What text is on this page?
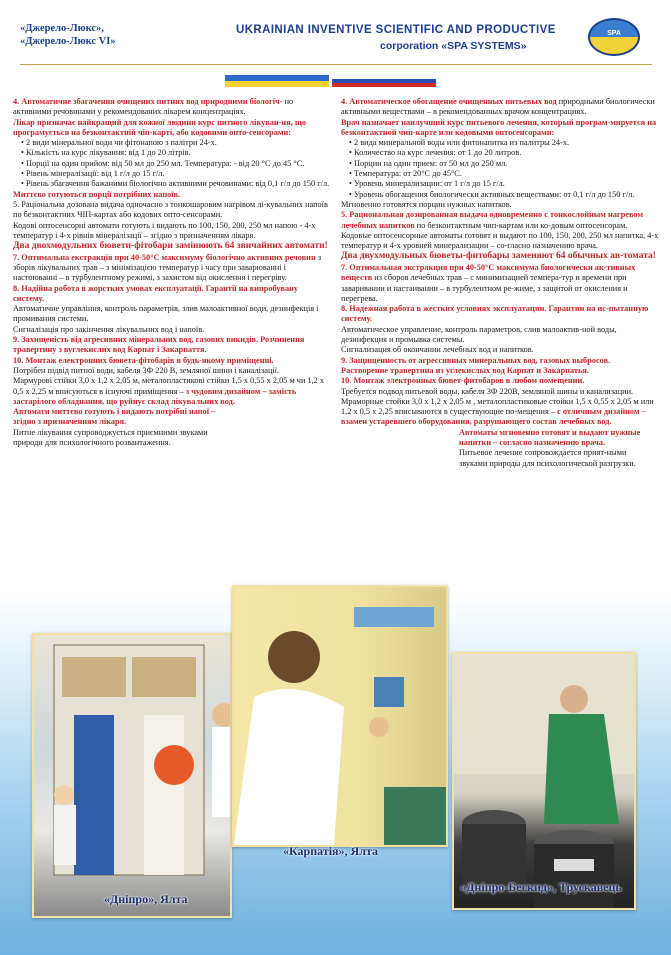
«Джерело-Люкс»,
«Джерело-Люкс VI»
UKRAINIAN INVENTIVE SCIENTIFIC AND PRODUCTIVE
corporation «SPA SYSTEMS»
SPA

4. Автоматичне збагачення очищених питних вод природними біологіч- но активними речовинами у рекомендованих лікарем концентраціях.

Лікар призначає найкращий для кожної людини курс питного лікуван-ня, що програмується на безконтактній чіп-карті, або кодовими опто-сенсорами:

• 2 види мінеральної води чи фітонапою з палітри 24-х.
• Кількість на курс лікування: від 1 до 20 літрів.
• Порції на один прийом: від 50 мл до 250 мл. Температура: - від 20 °С до 45 °С.
• Рівень мінералізації: від 1 г/л до 15 г/л.
• Рівень збагачення бажаними біологічно активними речовинами: від 0,1 г/л до 150 г/л.

Миттєво готуються порції потрібних напоїв.

5. Раціональна дозована видача одночасно з тонкошаровим нагрівом лі-кувальних напоїв по безконтактних ЧІП-картах або кодових опто-сенсорами.

Кодові оптосенсорні автомати готують і видають по 100, 150, 200, 250 мл напою - 4-х температур і 4-х рівнів мінералізації – згідно з призначенням лікаря.

Два двохмодульних бювети-фітобари замінюють 64 звичайних автомати!

7. Оптимальна екстракція при 40-50°С максимуму біологічно активних речовин з зборів лікувальних трав – з мінімізацією температур і часу при заварюванні і настоюванні – в турбулентному режимі, з захистом від окислення і перегріву.

8. Надійна робота в жорстких умовах експлуатації. Гарантії на випробувану систему.

Автоматичне управління, контроль параметрів, злив малоактивної води, дезинфекція і промивання системи.

Сигналізація про закінчення лікувальних вод і напоїв.

9. Захищеність від агресивних мінеральних вод, газових викидів. Розчинення травертину з вуглекислих вод Карпат і Закарпаття.

10. Монтаж електронних бювета-фітобарів в будь-якому приміщенні.

Потрібен підвід питної води, кабеля 3Ф 220 В, земляної шини і каналізації.

Мармурові стійки 3,0 х 1,2 х 2,05 м, металопластикові стійки 1,5 х 0,55 х 2,05 м чи 1,2 х 0,5 х 2,25 м вписуються в існуючі приміщення – з чудовим дизайном – замість застарілого обладнання, що руйнує склад лікувальних вод.

Автомати миттєво готують і видають потрібні напої – згідно з призначенням лікаря.

Питне лікування супроводжується приємними звуками природи для психологічного розвантаження.

4. Автоматическое обогащение очищенных питьевых вод природными биологически активными веществами – в рекомендованных врачом концентрациях.

Врач назначает наилучший курс питьевого лечения, который програм-мируется на безконтактной чип-карте или кодовыми оптосенсорами:

• 2 вида минеральной воды или фитонапитка из палитры 24-х.
• Количество на курс лечения: от 1 до 20 литров.
• Порции на один прием: от 50 мл до 250 мл.
• Температура: от 20°С до 45°С.
• Уровень минерализации: от 1 г/л до 15 г/л.
• Уровень обогащения биологически активных веществами: от 0,1 г/л до 150 г/л.

Мгновенно готовятся порции нужных напитков.

5. Рациональная дозированная выдача одновременно с тонкослойным нагревом лечебных напитков по безконтактным чип-картам или ко-довым оптосенсорам.

Кодовые оптосенсорные автоматы готовят и выдают по 100, 150, 200, 250 мл напитка, 4-х температур и 4-х уровней минерализации – со-гласно назначению врача.

Два двухмодульных бюветы-фитобары заменяют 64 обычных ав-томата!

7. Оптимальная экстракция при 40-50°С максимума биологически ак-тивных веществ из сборов лечебных трав – с минимизацией темпера-тур и времени при заваривании и настаивании – в турбулентном ре-жиме, з защитой от окисления и перегрева.

8. Надежная работа в жестких условиях эксплуатации. Гарантии на ис-пытанную систему.

Автоматическое управление, контроль параметров, слив малоактив-ной воды, дезинфекция и промывка системы.

Сигнализация об окончании лечебных вод и напитков.

9. Защищенность от агрессивных минеральных вод, газовых выбросов. Растворение травертина из углекислых вод Карпат и Закарпатья.

10. Монтаж электронных бювет-фитобаров в любом помещении.

Требуется подвод питьевой воды, кабеля 3Ф 220В, земляной шины и канализации.

Мраморные стойки 3,0 х 1,2 х 2,05 м , металопластиковые стойки 1,5 х 0,55 х 2,05 м или 1,2 х 0,5 х 2,25 вписываются в существующие по-мещения – с отличным дизайном – взамен устаревшего оборудования, разрушающего состав лечебных вод.

Автоматы мгновенно готовят и выдают нужные напитки – согласно назначению врача.

Питьевое лечение сопровождается прият-ными звуками природы для психологической разгрузки.

«Дніпро», Ялта
«Карпатія», Ялта
«Дніпро-Бескид», Трускавець
